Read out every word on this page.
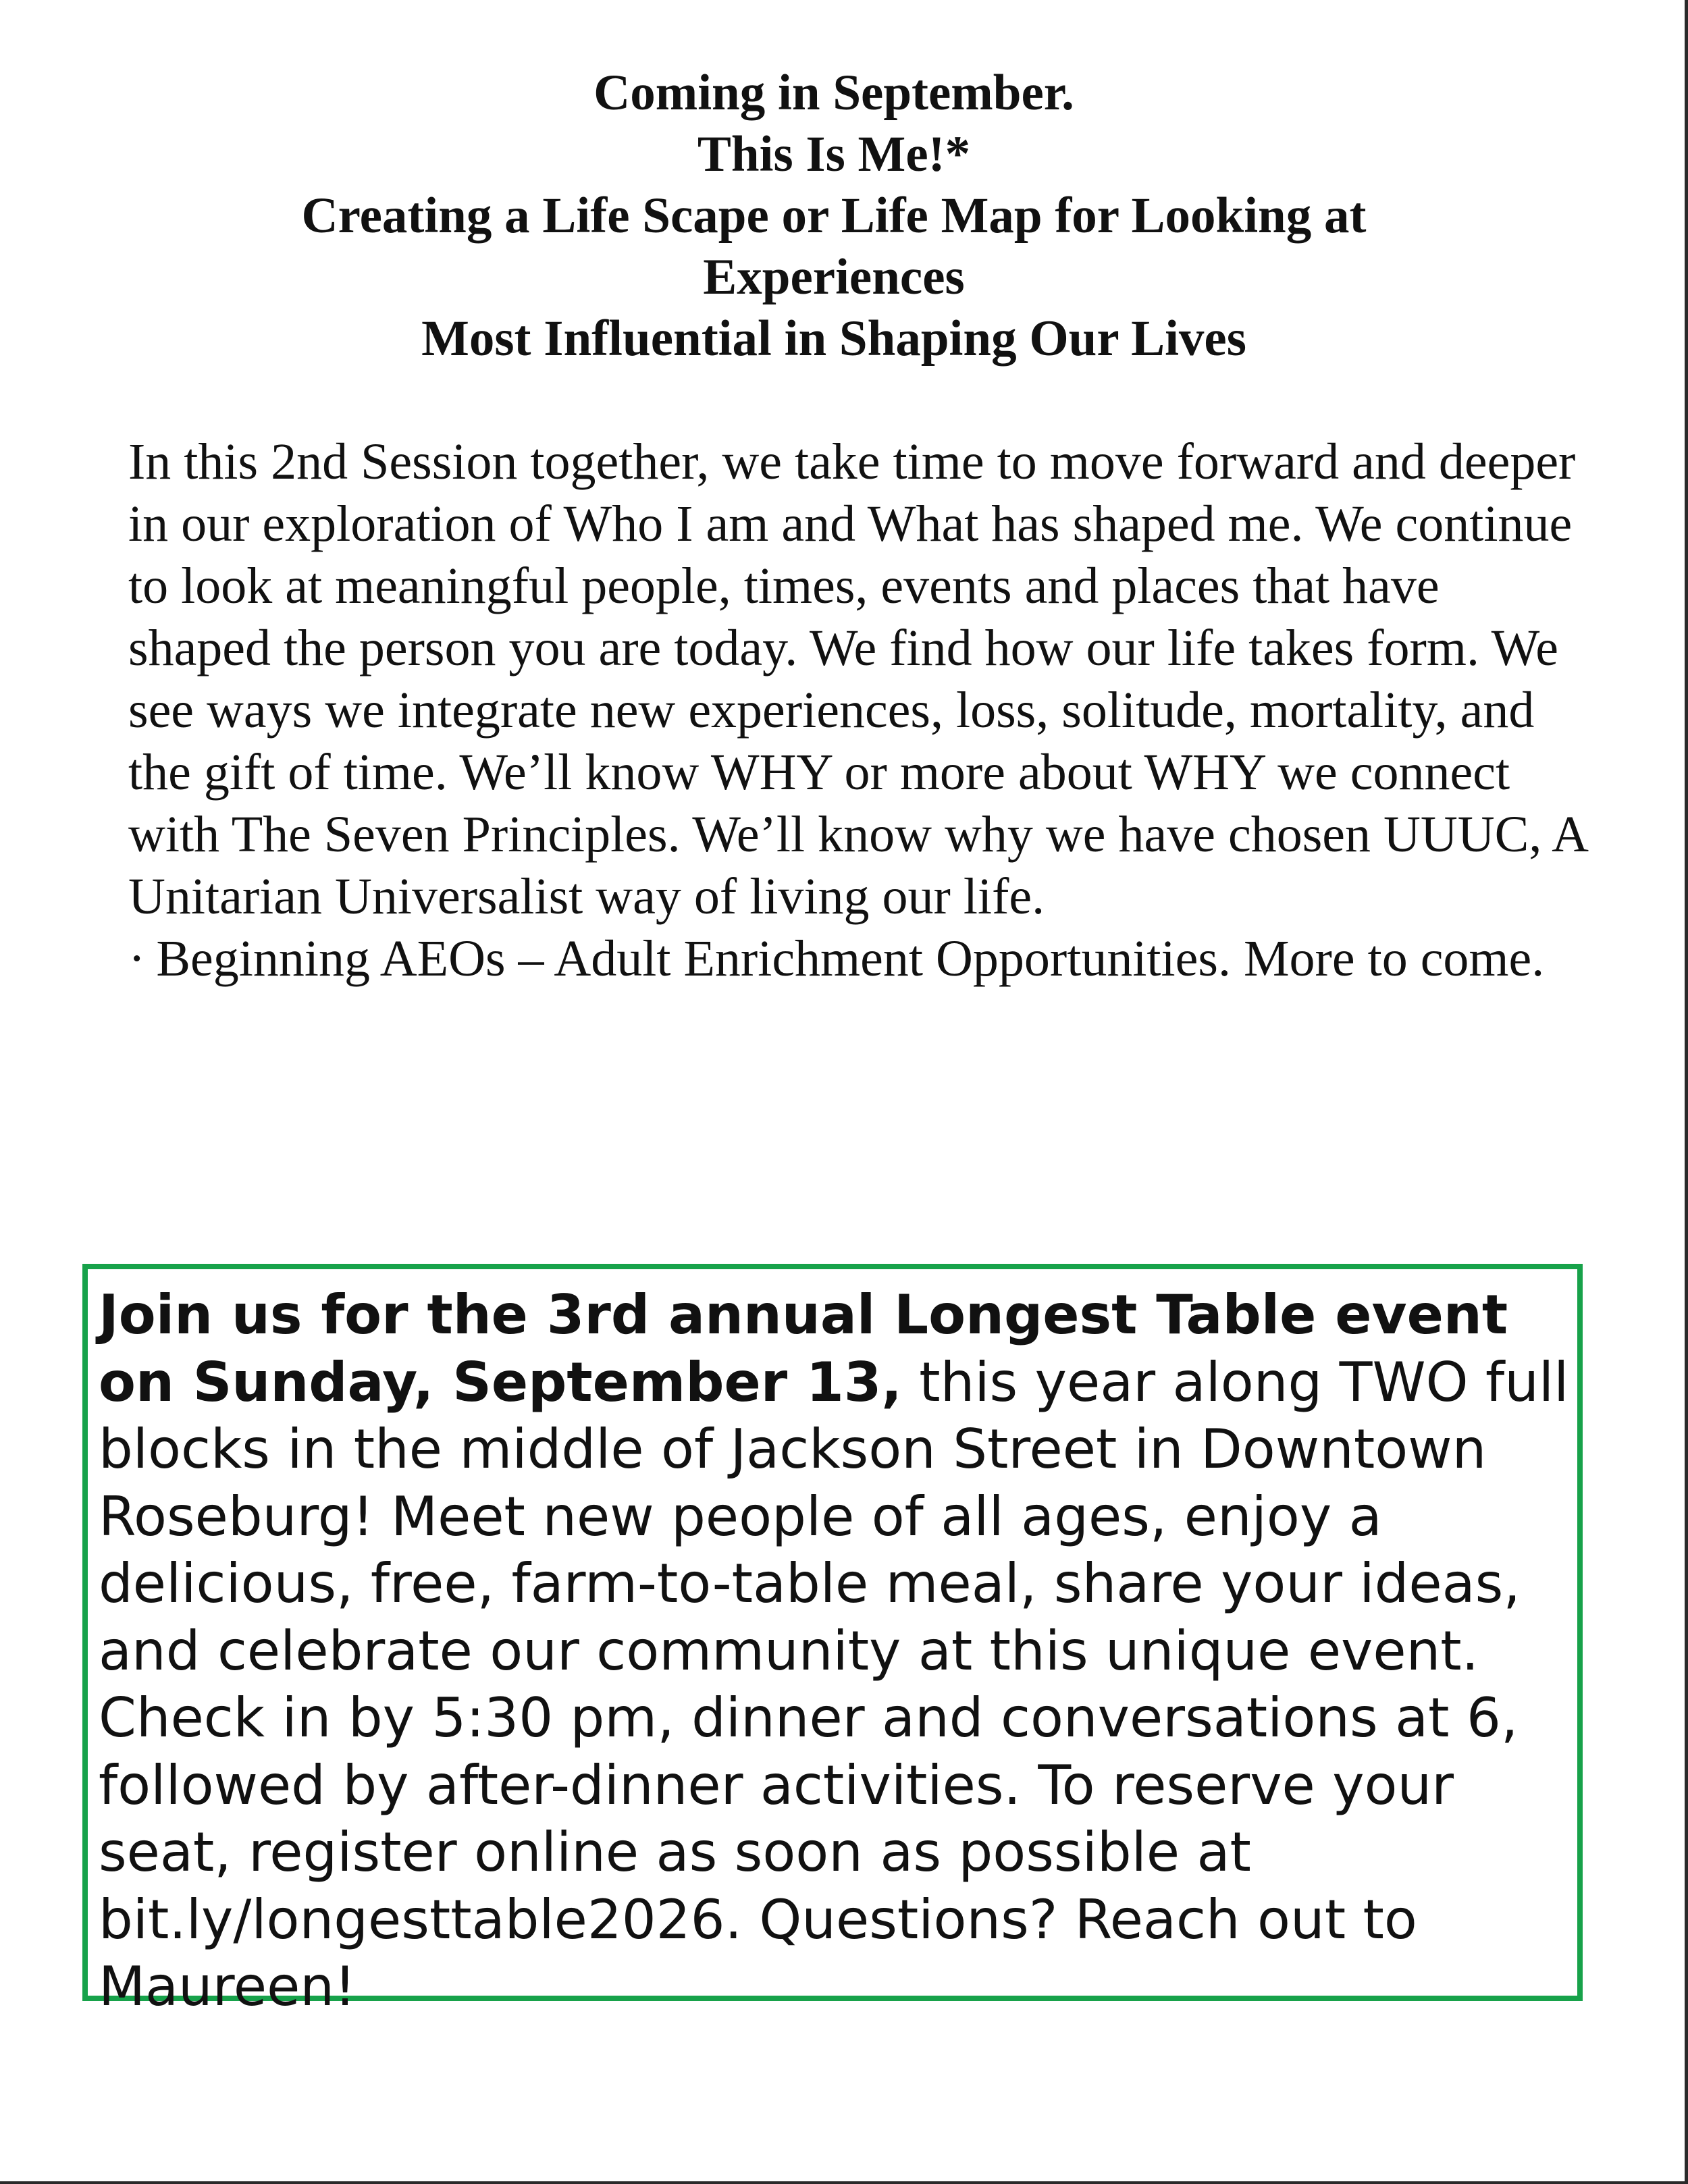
Coming in September.
This Is Me!*
Creating a Life Scape or Life Map for Looking at
Experiences
Most Influential in Shaping Our Lives

In this 2nd Session together, we take time to move forward and deeper in our exploration of Who I am and What has shaped me. We continue to look at meaningful people, times, events and places that have shaped the person you are today. We find how our life takes form. We see ways we integrate new experiences, loss, solitude, mortality, and the gift of time. We’ll know WHY or more about WHY we connect with The Seven Principles. We’ll know why we have chosen UUUC, A Unitarian Universalist way of living our life.

· Beginning AEOs – Adult Enrichment Opportunities. More to come.

Join us for the 3rd annual Longest Table event on Sunday, September 13, this year along TWO full blocks in the middle of Jackson Street in Downtown Roseburg! Meet new people of all ages, enjoy a delicious, free, farm-to-table meal, share your ideas, and celebrate our community at this unique event. Check in by 5:30 pm, dinner and conversations at 6, followed by after-dinner activities. To reserve your seat, register online as soon as possible at bit.ly/longesttable2026. Questions? Reach out to Maureen!
